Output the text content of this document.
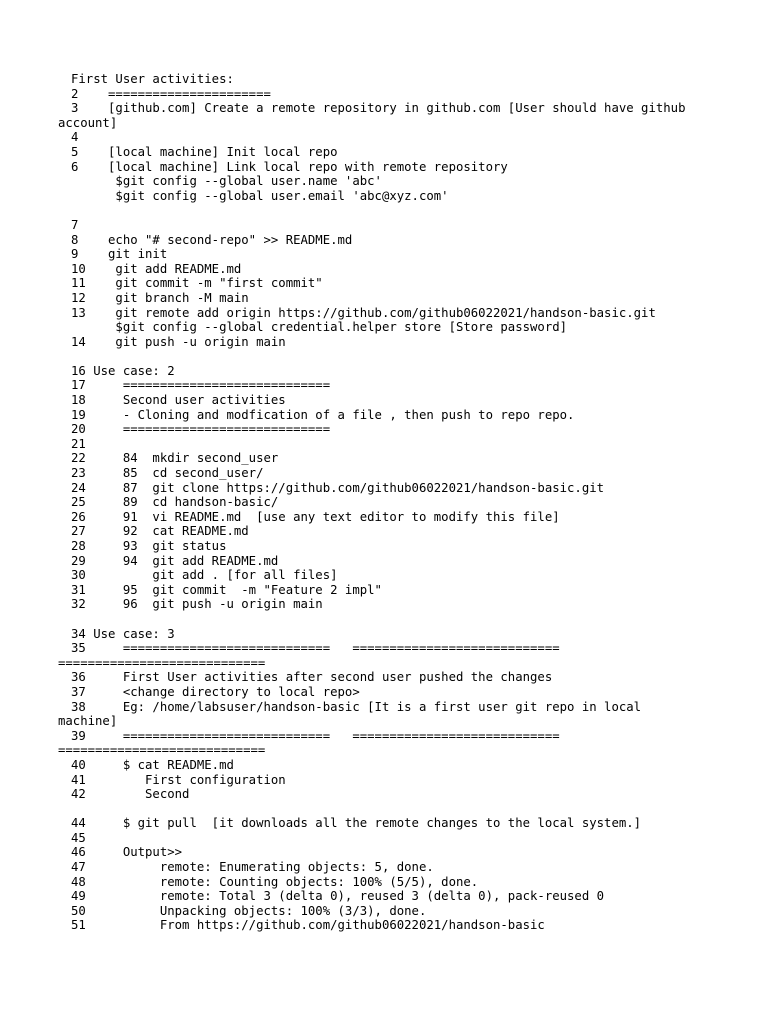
First User activities:
2    ======================
3    [github.com] Create a remote repository in github.com [User should have github
account]
4
5    [local machine] Init local repo
6    [local machine] Link local repo with remote repository
$git config --global user.name 'abc'
$git config --global user.email 'abc@xyz.com'
7
8    echo "# second-repo" >> README.md
9    git init
10    git add README.md
11    git commit -m "first commit"
12    git branch -M main
13    git remote add origin https://github.com/github06022021/handson-basic.git
$git config --global credential.helper store [Store password]
14    git push -u origin main
16 Use case: 2
17     ============================
18     Second user activities
19     - Cloning and modfication of a file , then push to repo repo.
20     ============================
21
22     84  mkdir second_user
23     85  cd second_user/
24     87  git clone https://github.com/github06022021/handson-basic.git
25     89  cd handson-basic/
26     91  vi README.md  [use any text editor to modify this file]
27     92  cat README.md
28     93  git status
29     94  git add README.md
30         git add . [for all files]
31     95  git commit  -m "Feature 2 impl"
32     96  git push -u origin main
34 Use case: 3
35     ============================   ============================
============================
36     First User activities after second user pushed the changes
37     <change directory to local repo>
38     Eg: /home/labsuser/handson-basic [It is a first user git repo in local
machine]
39     ============================   ============================
============================
40     $ cat README.md
41        First configuration
42        Second
44     $ git pull  [it downloads all the remote changes to the local system.]
45
46     Output>>
47          remote: Enumerating objects: 5, done.
48          remote: Counting objects: 100% (5/5), done.
49          remote: Total 3 (delta 0), reused 3 (delta 0), pack-reused 0
50          Unpacking objects: 100% (3/3), done.
51          From https://github.com/github06022021/handson-basic
